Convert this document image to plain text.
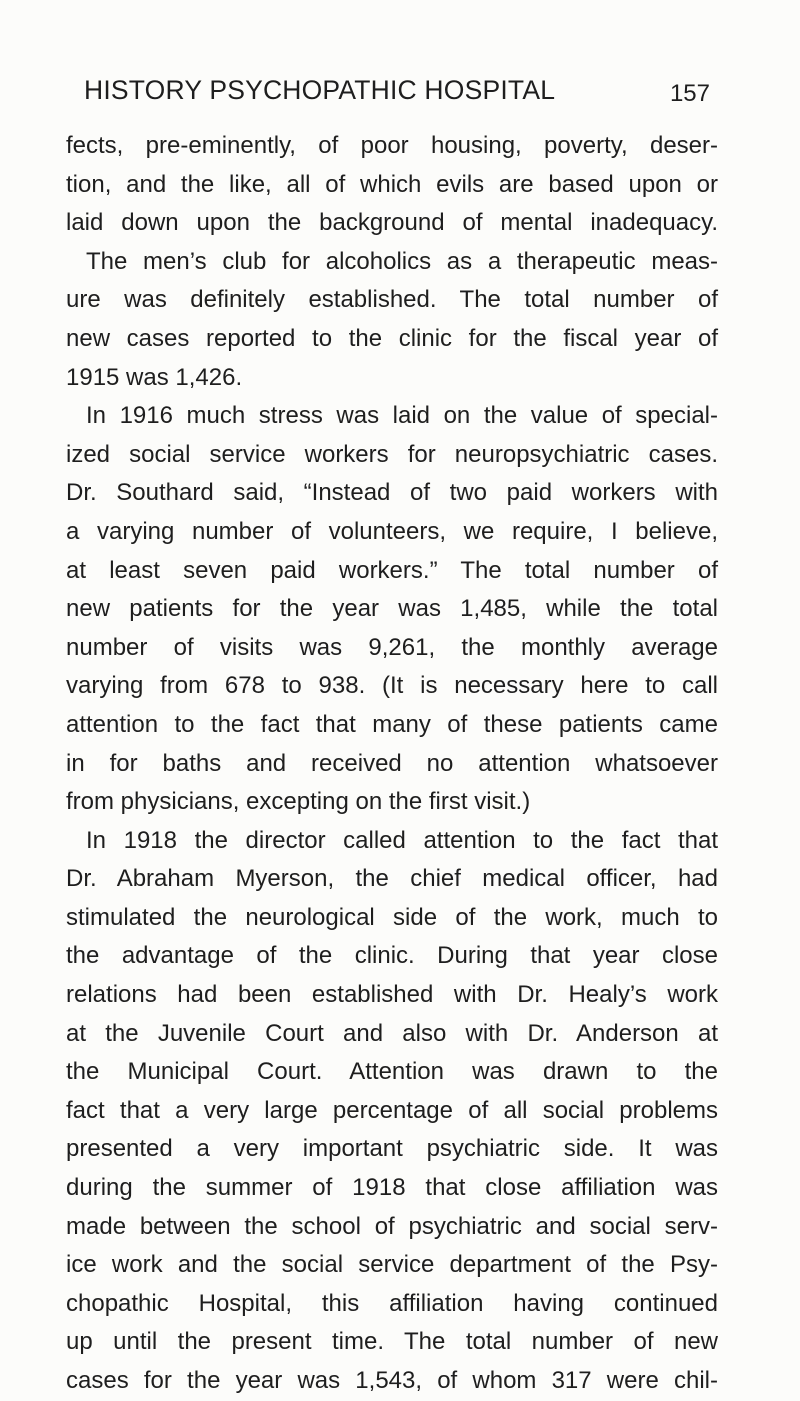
HISTORY PSYCHOPATHIC HOSPITAL	157
fects, pre-eminently, of poor housing, poverty, deser-
tion, and the like, all of which evils are based upon or
laid down upon the background of mental inadequacy.
The men’s club for alcoholics as a therapeutic meas-
ure was definitely established. The total number of
new cases reported to the clinic for the fiscal year of
1915 was 1,426.
In 1916 much stress was laid on the value of special-
ized social service workers for neuropsychiatric cases.
Dr. Southard said, “Instead of two paid workers with
a varying number of volunteers, we require, I believe,
at least seven paid workers.” The total number of
new patients for the year was 1,485, while the total
number of visits was 9,261, the monthly average
varying from 678 to 938. (It is necessary here to call
attention to the fact that many of these patients came
in for baths and received no attention whatsoever
from physicians, excepting on the first visit.)
In 1918 the director called attention to the fact that
Dr. Abraham Myerson, the chief medical officer, had
stimulated the neurological side of the work, much to
the advantage of the clinic. During that year close
relations had been established with Dr. Healy’s work
at the Juvenile Court and also with Dr. Anderson at
the Municipal Court. Attention was drawn to the
fact that a very large percentage of all social problems
presented a very important psychiatric side. It was
during the summer of 1918 that close affiliation was
made between the school of psychiatric and social serv-
ice work and the social service department of the Psy-
chopathic Hospital, this affiliation having continued
up until the present time. The total number of new
cases for the year was 1,543, of whom 317 were chil-
